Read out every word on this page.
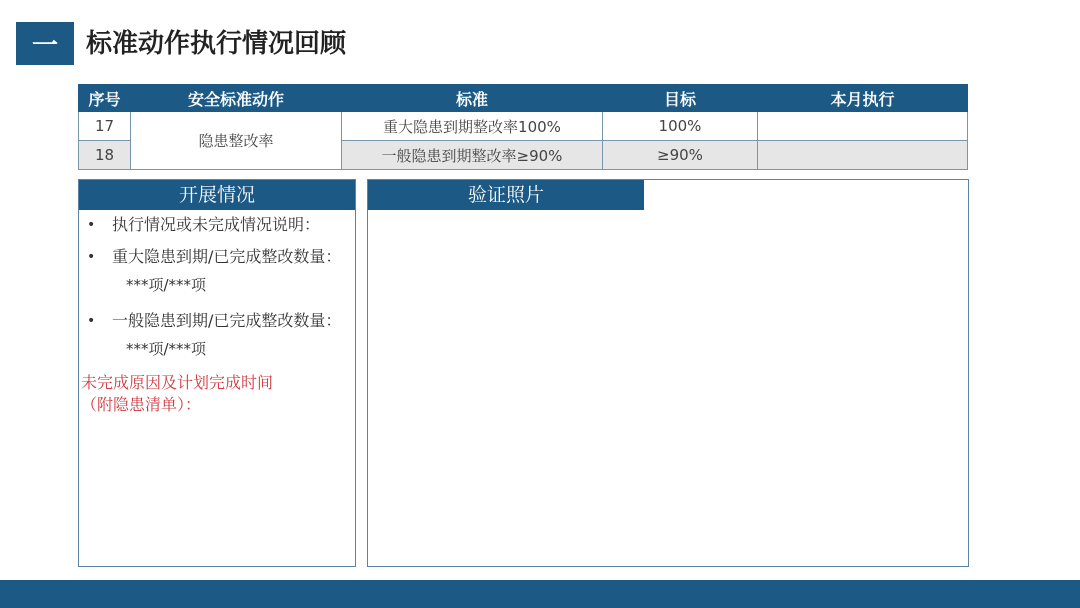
一	标准动作执行情况回顾
序号	安全标准动作	标准	目标	本月执行
17	隐患整改率	重大隐患到期整改率100%	100%	
18		一般隐患到期整改率≥90%	≥90%	
开展情况
• 执行情况或未完成情况说明：
• 重大隐患到期/已完成整改数量：
***项/***项
• 一般隐患到期/已完成整改数量：
***项/***项
未完成原因及计划完成时间
（附隐患清单）：
验证照片
